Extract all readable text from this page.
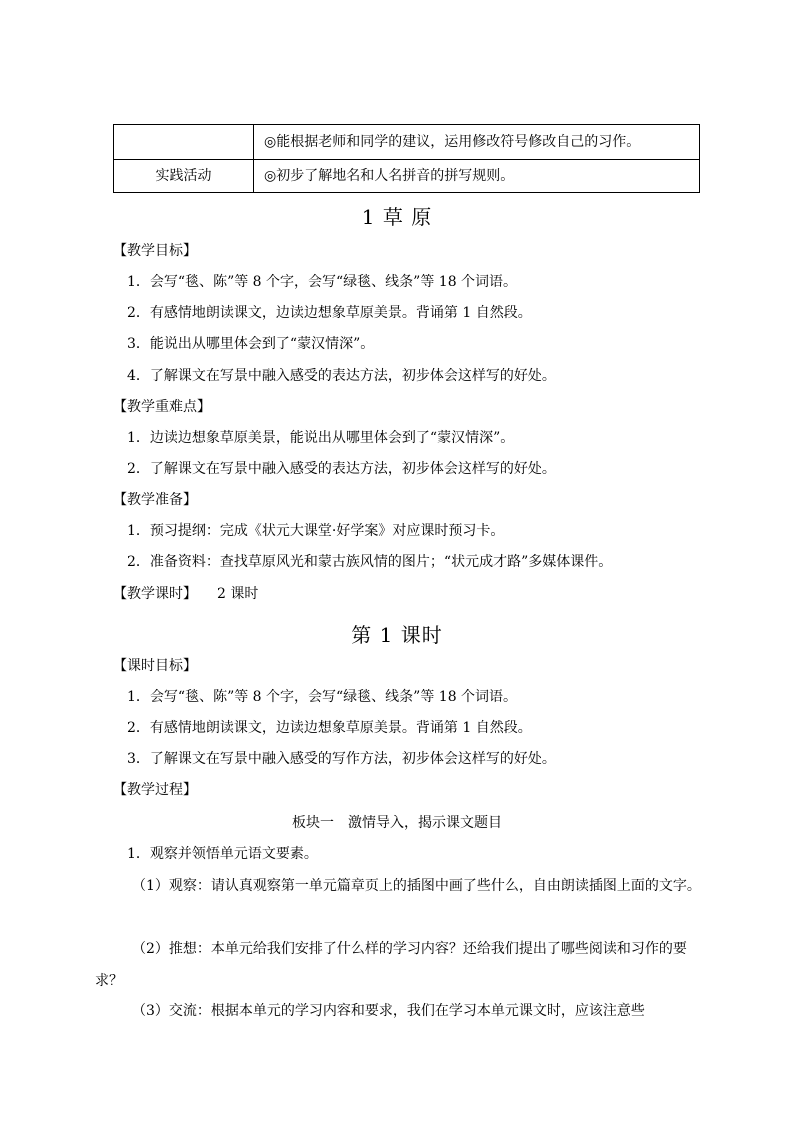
	◎能根据老师和同学的建议，运用修改符号修改自己的习作。
实践活动	◎初步了解地名和人名拼音的拼写规则。
1 草 原
【教学目标】
1．会写“毯、陈”等 8 个字，会写“绿毯、线条”等 18 个词语。
2．有感情地朗读课文，边读边想象草原美景。背诵第 1 自然段。
3．能说出从哪里体会到了“蒙汉情深”。
4．了解课文在写景中融入感受的表达方法，初步体会这样写的好处。
【教学重难点】
1．边读边想象草原美景，能说出从哪里体会到了“蒙汉情深”。
2．了解课文在写景中融入感受的表达方法，初步体会这样写的好处。
【教学准备】
1．预习提纲：完成《状元大课堂·好学案》对应课时预习卡。
2．准备资料：查找草原风光和蒙古族风情的图片；“状元成才路”多媒体课件。
【教学课时】 2 课时
第 1 课时
【课时目标】
1．会写“毯、陈”等 8 个字，会写“绿毯、线条”等 18 个词语。
2．有感情地朗读课文，边读边想象草原美景。背诵第 1 自然段。
3．了解课文在写景中融入感受的写作方法，初步体会这样写的好处。
【教学过程】
板块一　激情导入，揭示课文题目
1．观察并领悟单元语文要素。
（1）观察：请认真观察第一单元篇章页上的插图中画了些什么，自由朗读插图上面的文字。
（2）推想：本单元给我们安排了什么样的学习内容？还给我们提出了哪些阅读和习作的要求？
（3）交流：根据本单元的学习内容和要求，我们在学习本单元课文时，应该注意些
